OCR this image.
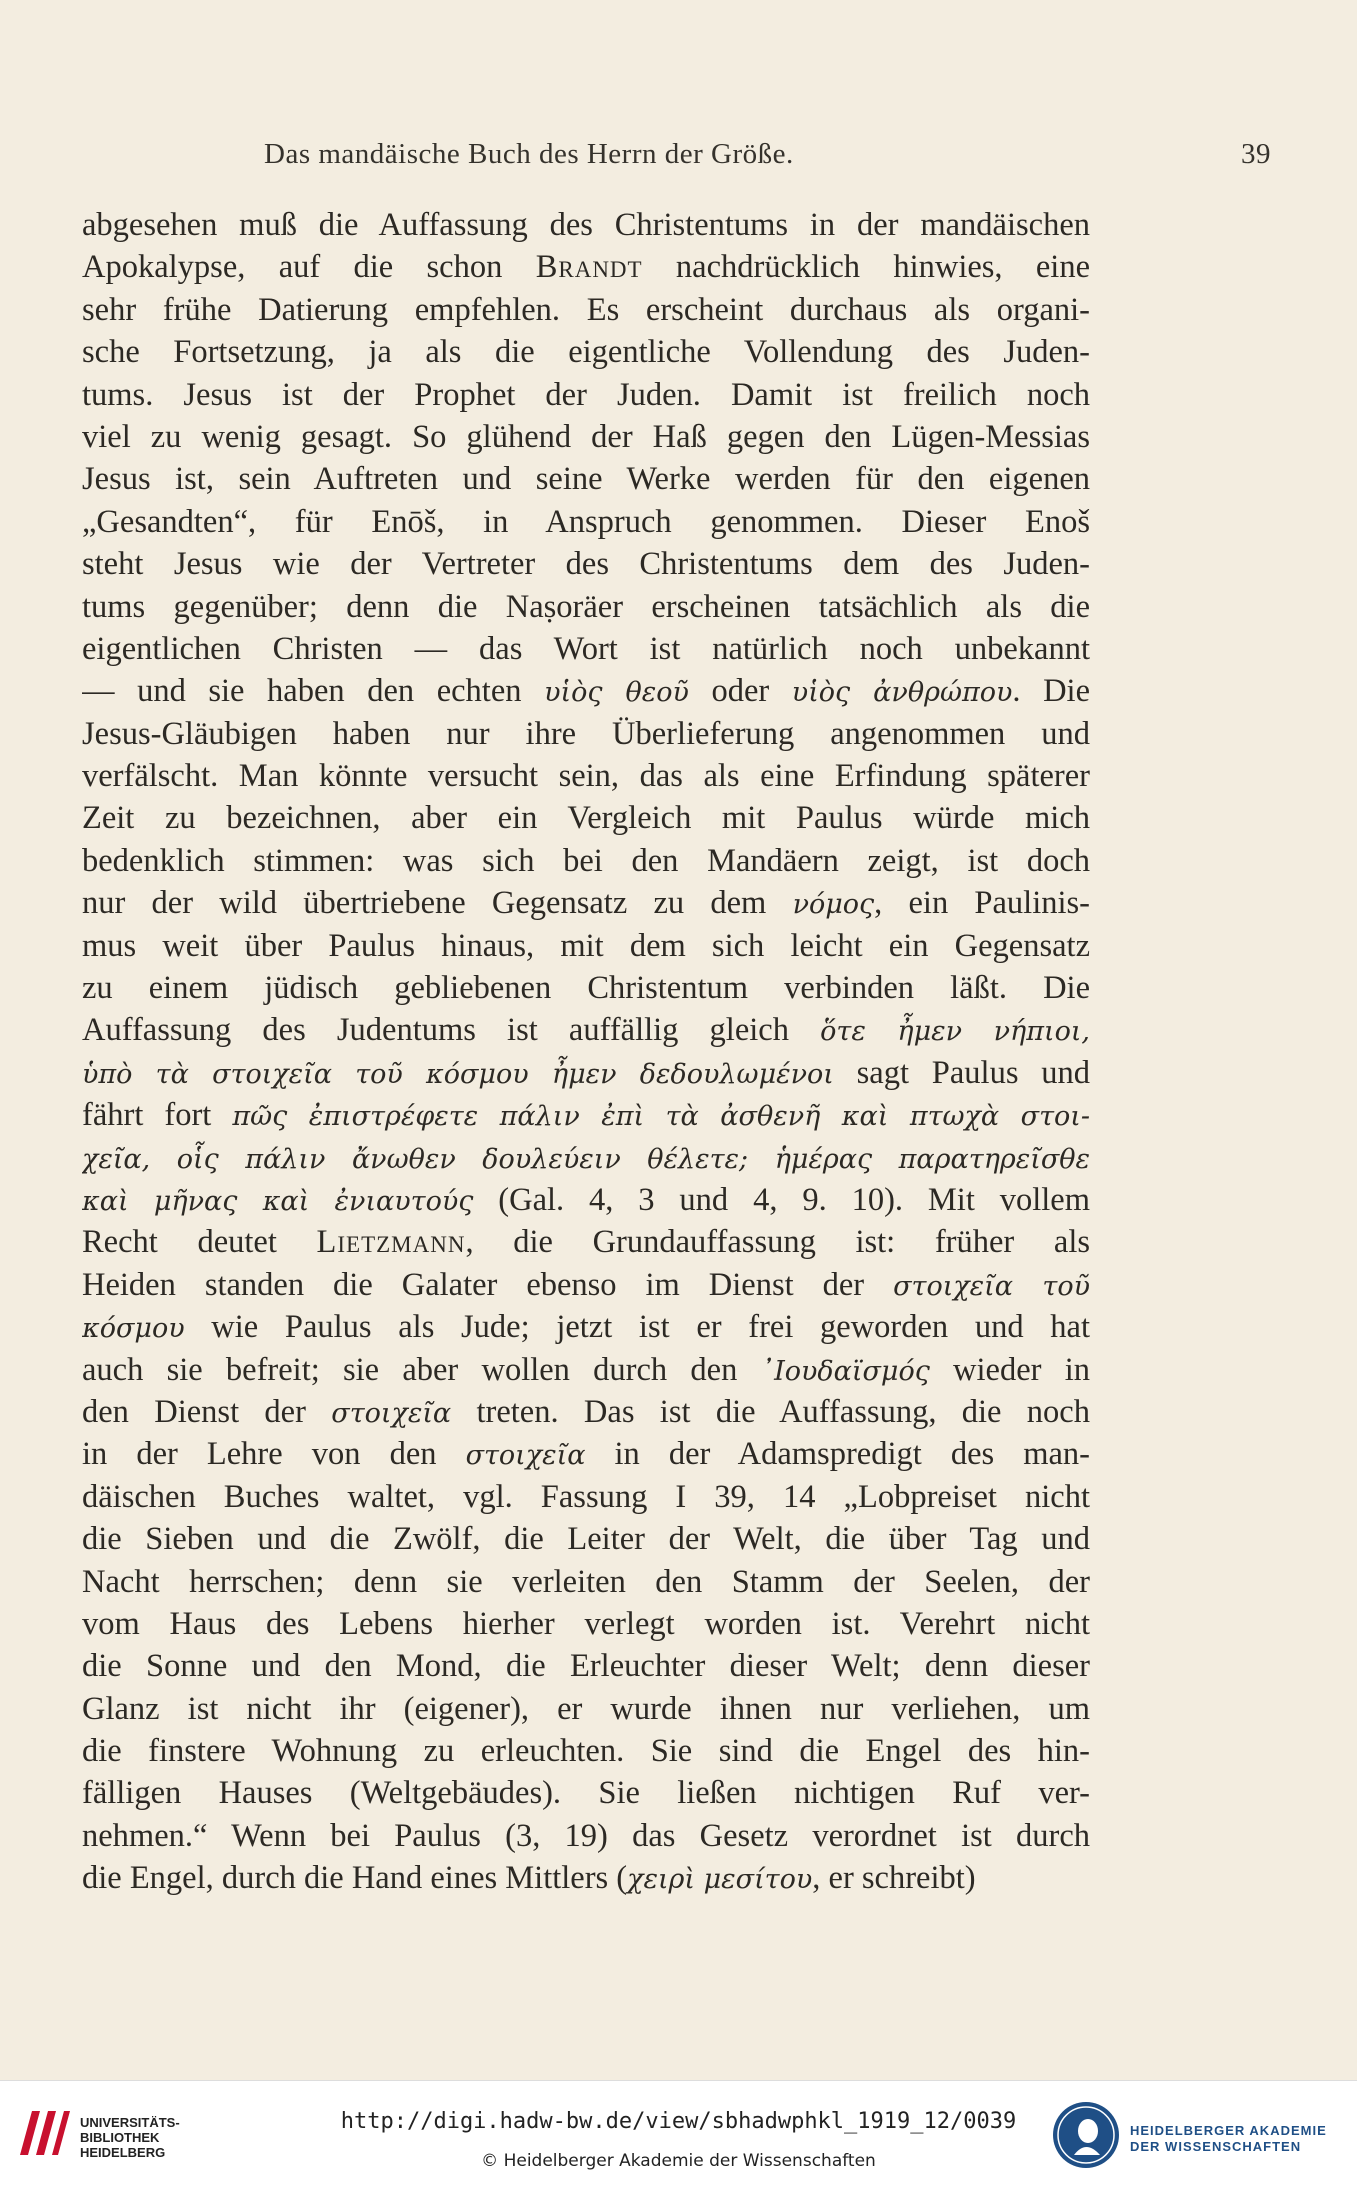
Das mandäische Buch des Herrn der Größe.	39
abgesehen muß die Auffassung des Christentums in der mandäischen
Apokalypse, auf die schon Brandt nachdrücklich hinwies, eine
sehr frühe Datierung empfehlen. Es erscheint durchaus als organi-
sche Fortsetzung, ja als die eigentliche Vollendung des Juden-
tums. Jesus ist der Prophet der Juden. Damit ist freilich noch
viel zu wenig gesagt. So glühend der Haß gegen den Lügen-Messias
Jesus ist, sein Auftreten und seine Werke werden für den eigenen
„Gesandten“, für Enōš, in Anspruch genommen. Dieser Enoš
steht Jesus wie der Vertreter des Christentums dem des Juden-
tums gegenüber; denn die Naṣoräer erscheinen tatsächlich als die
eigentlichen Christen — das Wort ist natürlich noch unbekannt
— und sie haben den echten υἱὸς θεοῦ oder υἱὸς ἀνθρώπου. Die
Jesus-Gläubigen haben nur ihre Überlieferung angenommen und
verfälscht. Man könnte versucht sein, das als eine Erfindung späterer
Zeit zu bezeichnen, aber ein Vergleich mit Paulus würde mich
bedenklich stimmen: was sich bei den Mandäern zeigt, ist doch
nur der wild übertriebene Gegensatz zu dem νόμος, ein Paulinis-
mus weit über Paulus hinaus, mit dem sich leicht ein Gegensatz
zu einem jüdisch gebliebenen Christentum verbinden läßt. Die
Auffassung des Judentums ist auffällig gleich ὅτε ἦμεν νήπιοι,
ὑπὸ τὰ στοιχεῖα τοῦ κόσμου ἦμεν δεδουλωμένοι sagt Paulus und
fährt fort πῶς ἐπιστρέφετε πάλιν ἐπὶ τὰ ἀσθενῆ καὶ πτωχὰ στοι-
χεῖα, οἷς πάλιν ἄνωθεν δουλεύειν θέλετε; ἡμέρας παρατηρεῖσθε
καὶ μῆνας καὶ ἐνιαυτούς (Gal. 4, 3 und 4, 9. 10). Mit vollem
Recht deutet Lietzmann, die Grundauffassung ist: früher als
Heiden standen die Galater ebenso im Dienst der στοιχεῖα τοῦ
κόσμου wie Paulus als Jude; jetzt ist er frei geworden und hat
auch sie befreit; sie aber wollen durch den ᾿Ιουδαϊσμός wieder in
den Dienst der στοιχεῖα treten. Das ist die Auffassung, die noch
in der Lehre von den στοιχεῖα in der Adamspredigt des man-
däischen Buches waltet, vgl. Fassung I 39, 14 „Lobpreiset nicht
die Sieben und die Zwölf, die Leiter der Welt, die über Tag und
Nacht herrschen; denn sie verleiten den Stamm der Seelen, der
vom Haus des Lebens hierher verlegt worden ist. Verehrt nicht
die Sonne und den Mond, die Erleuchter dieser Welt; denn dieser
Glanz ist nicht ihr (eigener), er wurde ihnen nur verliehen, um
die finstere Wohnung zu erleuchten. Sie sind die Engel des hin-
fälligen Hauses (Weltgebäudes). Sie ließen nichtigen Ruf ver-
nehmen.“ Wenn bei Paulus (3, 19) das Gesetz verordnet ist durch
die Engel, durch die Hand eines Mittlers (χειρὶ μεσίτου, er schreibt)
UNIVERSITÄTS-
BIBLIOTHEK
HEIDELBERG
http://digi.hadw-bw.de/view/sbhadwphkl_1919_12/0039
© Heidelberger Akademie der Wissenschaften
HEIDELBERGER AKADEMIE
DER WISSENSCHAFTEN
